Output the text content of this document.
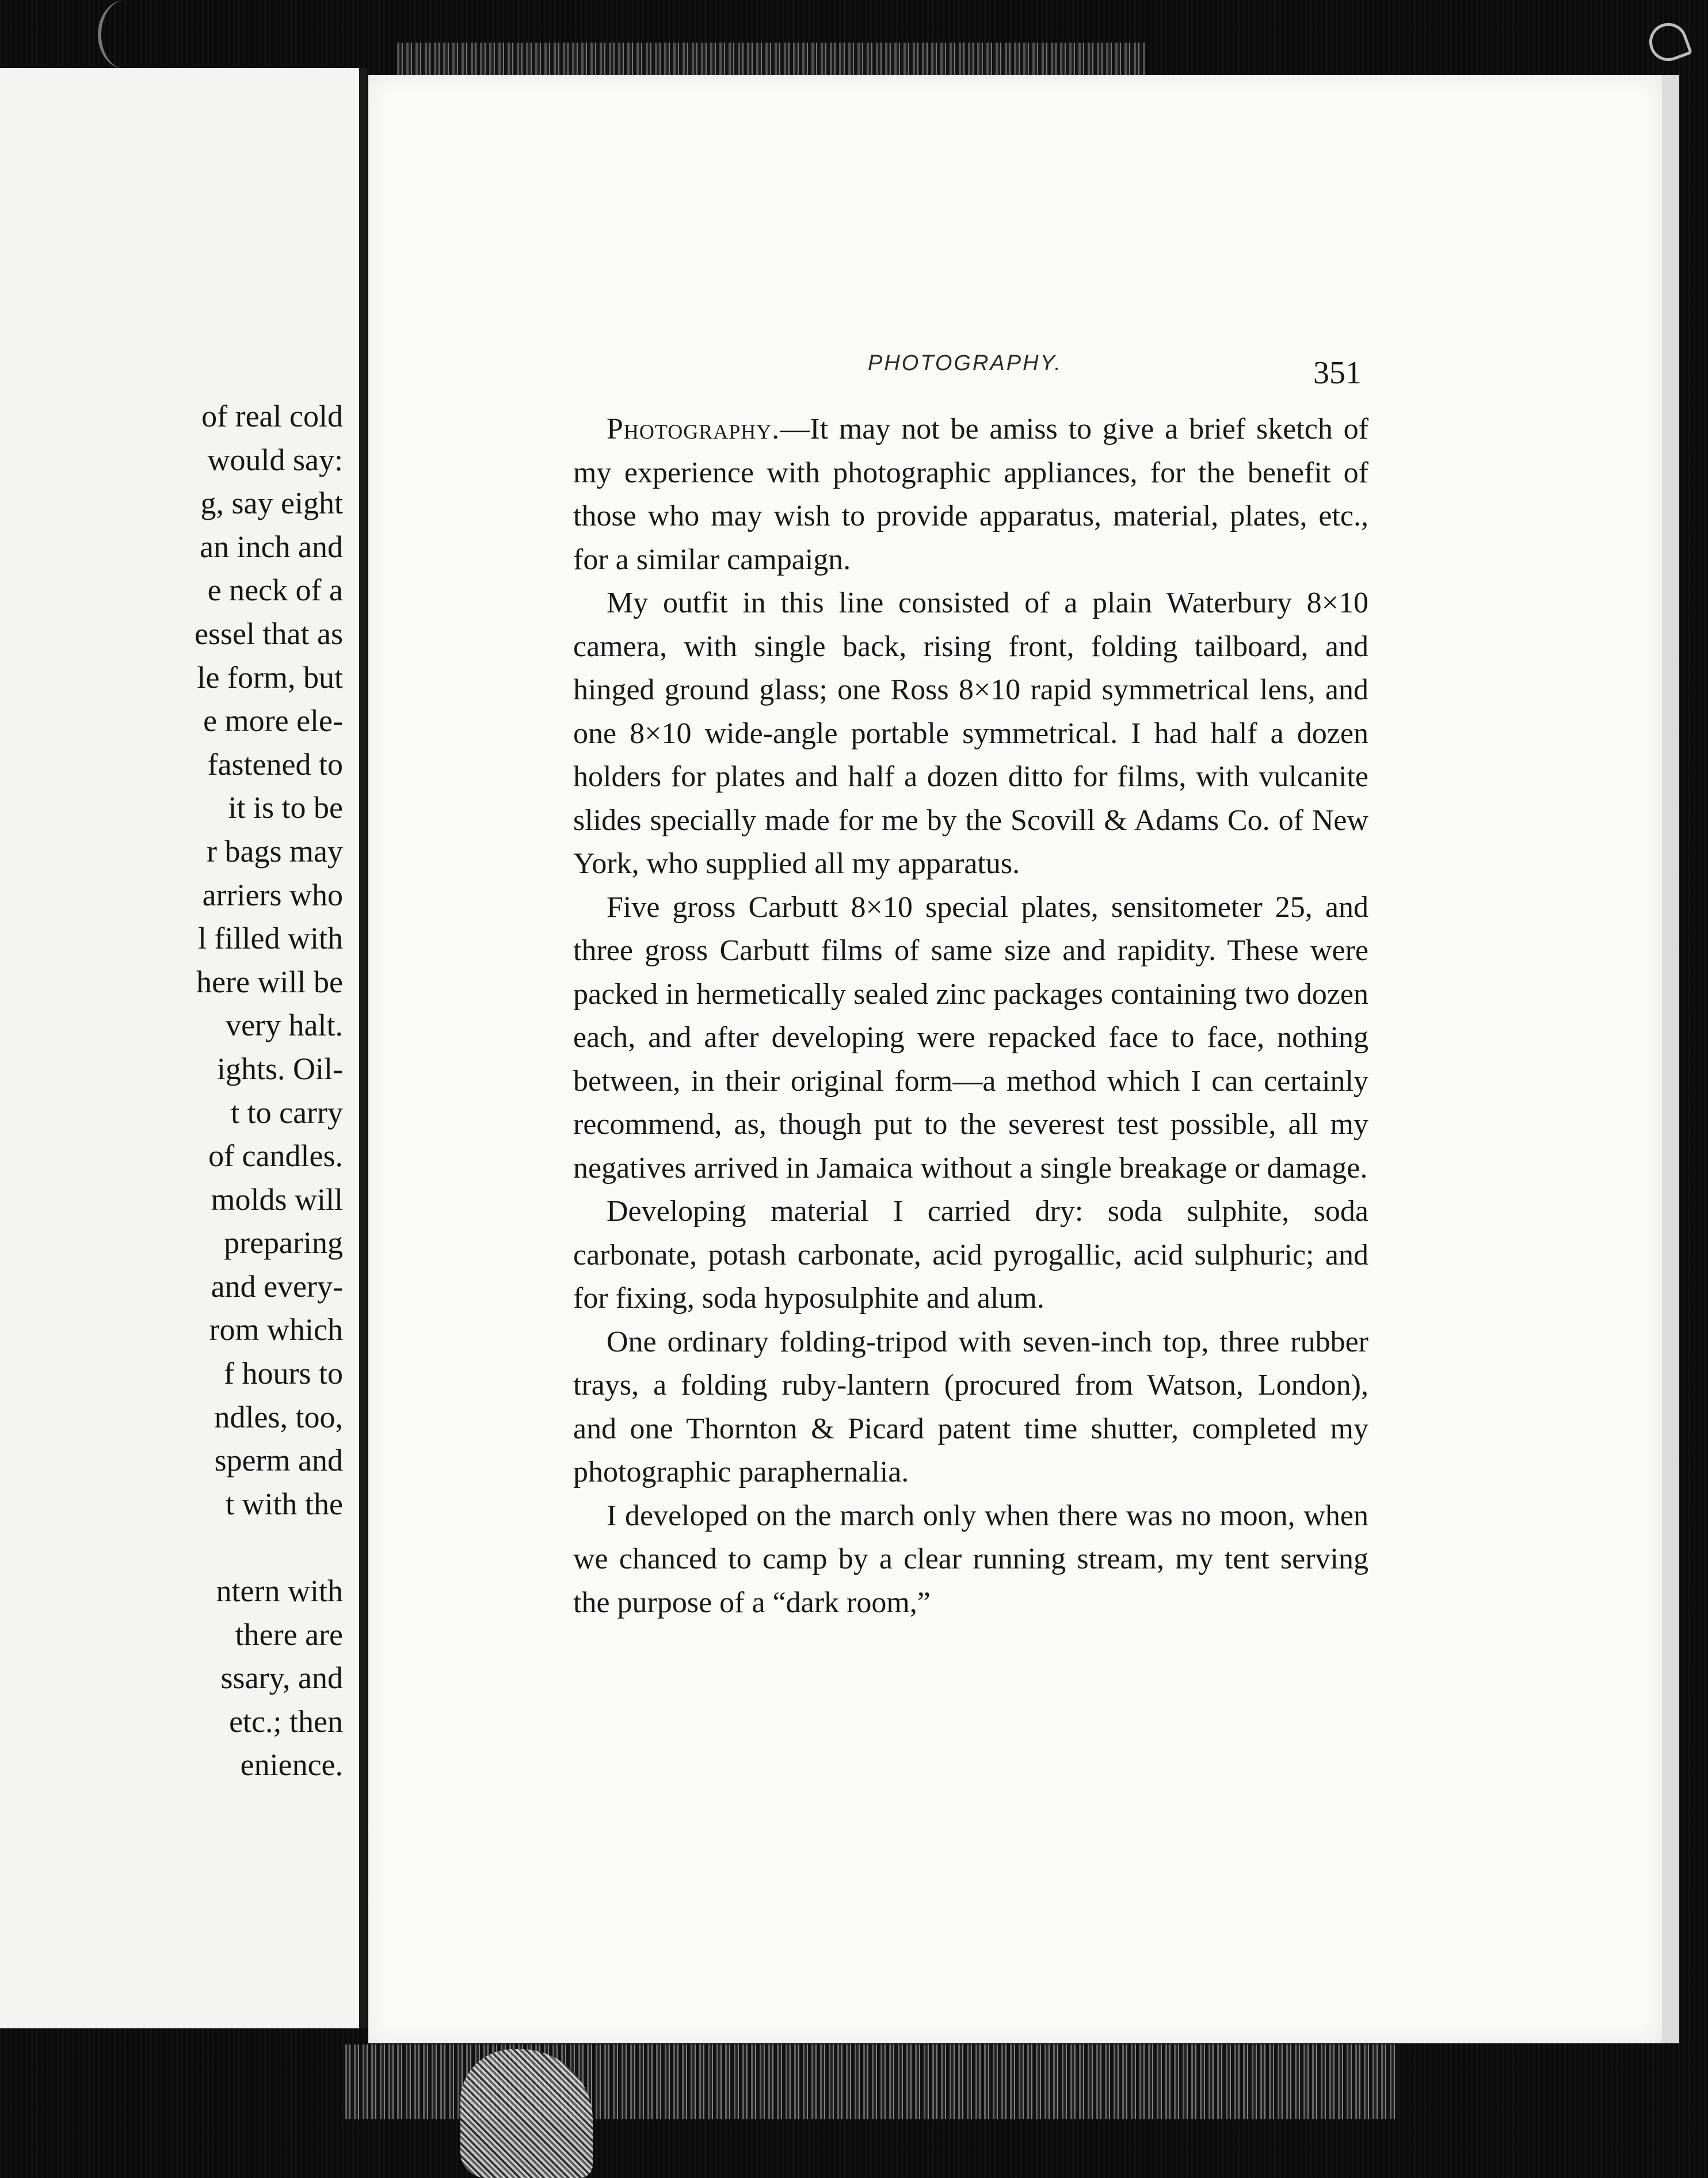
of real cold
would say:
g, say eight
an inch and
e neck of a
essel that as
le form, but
e more ele-
fastened to
it is to be
r bags may
arriers who
l filled with
here will be
very halt.
ights. Oil-
t to carry
of candles.
molds will
preparing
and every-
rom which
f hours to
ndles, too,
sperm and
t with the
ntern with
there are
ssary, and
etc.; then
enience.
PHOTOGRAPHY.	351

Photography.—It may not be amiss to give a brief sketch of my experience with photographic appliances, for the benefit of those who may wish to provide apparatus, material, plates, etc., for a similar campaign.

My outfit in this line consisted of a plain Waterbury 8×10 camera, with single back, rising front, folding tailboard, and hinged ground glass; one Ross 8×10 rapid symmetrical lens, and one 8×10 wide-angle portable symmetrical. I had half a dozen holders for plates and half a dozen ditto for films, with vulcanite slides specially made for me by the Scovill & Adams Co. of New York, who supplied all my apparatus.

Five gross Carbutt 8×10 special plates, sensitometer 25, and three gross Carbutt films of same size and rapidity. These were packed in hermetically sealed zinc packages containing two dozen each, and after developing were repacked face to face, nothing between, in their original form—a method which I can certainly recommend, as, though put to the severest test possible, all my negatives arrived in Jamaica without a single breakage or damage.

Developing material I carried dry: soda sulphite, soda carbonate, potash carbonate, acid pyrogallic, acid sulphuric; and for fixing, soda hyposulphite and alum.

One ordinary folding-tripod with seven-inch top, three rubber trays, a folding ruby-lantern (procured from Watson, London), and one Thornton & Picard patent time shutter, completed my photographic paraphernalia.

I developed on the march only when there was no moon, when we chanced to camp by a clear running stream, my tent serving the purpose of a “dark room,”
